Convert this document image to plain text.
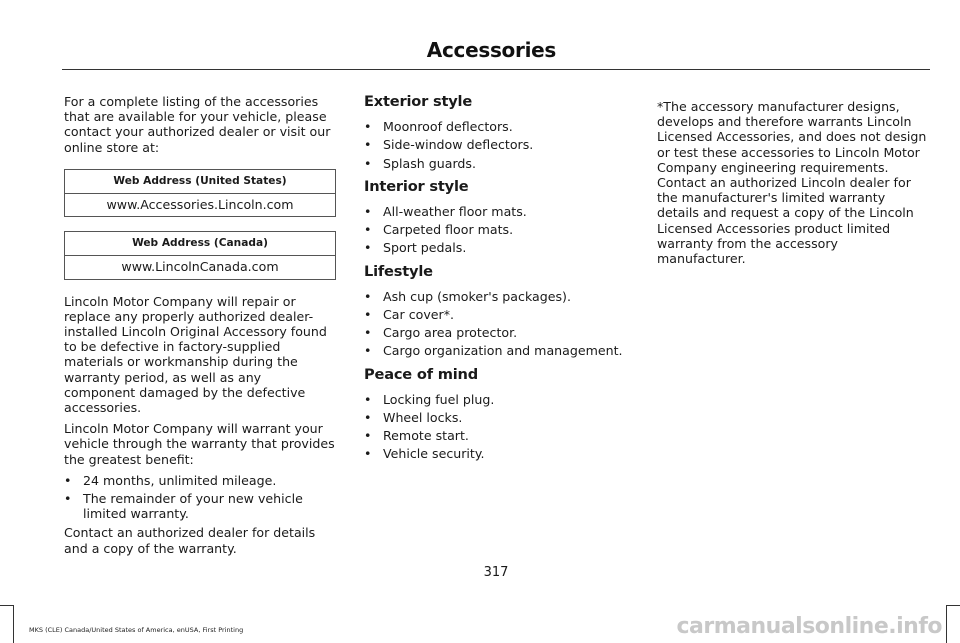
Accessories

For a complete listing of the accessories that are available for your vehicle, please contact your authorized dealer or visit our online store at:

Web Address (United States)
www.Accessories.Lincoln.com
Web Address (Canada)
www.LincolnCanada.com

Lincoln Motor Company will repair or replace any properly authorized dealer-installed Lincoln Original Accessory found to be defective in factory-supplied materials or workmanship during the warranty period, as well as any component damaged by the defective accessories.

Lincoln Motor Company will warrant your vehicle through the warranty that provides the greatest benefit:

• 24 months, unlimited mileage.
• The remainder of your new vehicle limited warranty.

Contact an authorized dealer for details and a copy of the warranty.

Exterior style
• Moonroof deflectors.
• Side-window deflectors.
• Splash guards.
Interior style
• All-weather floor mats.
• Carpeted floor mats.
• Sport pedals.
Lifestyle
• Ash cup (smoker's packages).
• Car cover*.
• Cargo area protector.
• Cargo organization and management.
Peace of mind
• Locking fuel plug.
• Wheel locks.
• Remote start.
• Vehicle security.

*The accessory manufacturer designs, develops and therefore warrants Lincoln Licensed Accessories, and does not design or test these accessories to Lincoln Motor Company engineering requirements. Contact an authorized Lincoln dealer for the manufacturer's limited warranty details and request a copy of the Lincoln Licensed Accessories product limited warranty from the accessory manufacturer.

317
MKS (CLE) Canada/United States of America, enUSA, First Printing	carmanualsonline.info
